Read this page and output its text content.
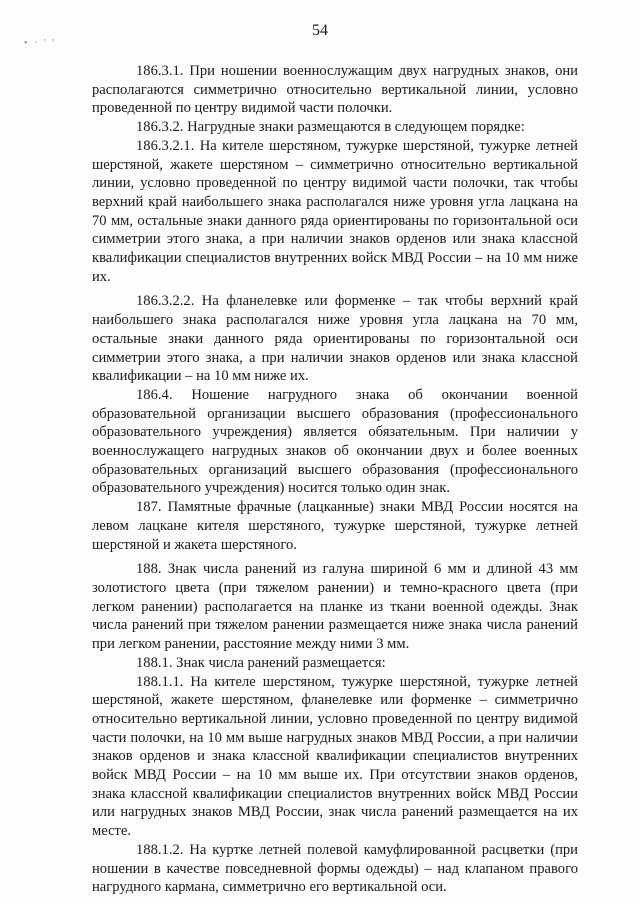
• · ' '
54

186.3.1. При ношении военнослужащим двух нагрудных знаков, они располагаются симметрично относительно вертикальной линии, условно проведенной по центру видимой части полочки.

186.3.2. Нагрудные знаки размещаются в следующем порядке:

186.3.2.1. На кителе шерстяном, тужурке шерстяной, тужурке летней шерстяной, жакете шерстяном – симметрично относительно вертикальной линии, условно проведенной по центру видимой части полочки, так чтобы верхний край наибольшего знака располагался ниже уровня угла лацкана на 70 мм, остальные знаки данного ряда ориентированы по горизонтальной оси симметрии этого знака, а при наличии знаков орденов или знака классной квалификации специалистов внутренних войск МВД России – на 10 мм ниже их.

186.3.2.2. На фланелевке или форменке – так чтобы верхний край наибольшего знака располагался ниже уровня угла лацкана на 70 мм, остальные знаки данного ряда ориентированы по горизонтальной оси симметрии этого знака, а при наличии знаков орденов или знака классной квалификации – на 10 мм ниже их.

186.4. Ношение нагрудного знака об окончании военной образовательной организации высшего образования (профессионального образовательного учреждения) является обязательным. При наличии у военнослужащего нагрудных знаков об окончании двух и более военных образовательных организаций высшего образования (профессионального образовательного учреждения) носится только один знак.

187. Памятные фрачные (лацканные) знаки МВД России носятся на левом лацкане кителя шерстяного, тужурке шерстяной, тужурке летней шерстяной и жакета шерстяного.

188. Знак числа ранений из галуна шириной 6 мм и длиной 43 мм золотистого цвета (при тяжелом ранении) и темно-красного цвета (при легком ранении) располагается на планке из ткани военной одежды. Знак числа ранений при тяжелом ранении размещается ниже знака числа ранений при легком ранении, расстояние между ними 3 мм.

188.1. Знак числа ранений размещается:

188.1.1. На кителе шерстяном, тужурке шерстяной, тужурке летней шерстяной, жакете шерстяном, фланелевке или форменке – симметрично относительно вертикальной линии, условно проведенной по центру видимой части полочки, на 10 мм выше нагрудных знаков МВД России, а при наличии знаков орденов и знака классной квалификации специалистов внутренних войск МВД России – на 10 мм выше их. При отсутствии знаков орденов, знака классной квалификации специалистов внутренних войск МВД России или нагрудных знаков МВД России, знак числа ранений размещается на их месте.

188.1.2. На куртке летней полевой камуфлированной расцветки (при ношении в качестве повседневной формы одежды) – над клапаном правого нагрудного кармана, симметрично его вертикальной оси.
